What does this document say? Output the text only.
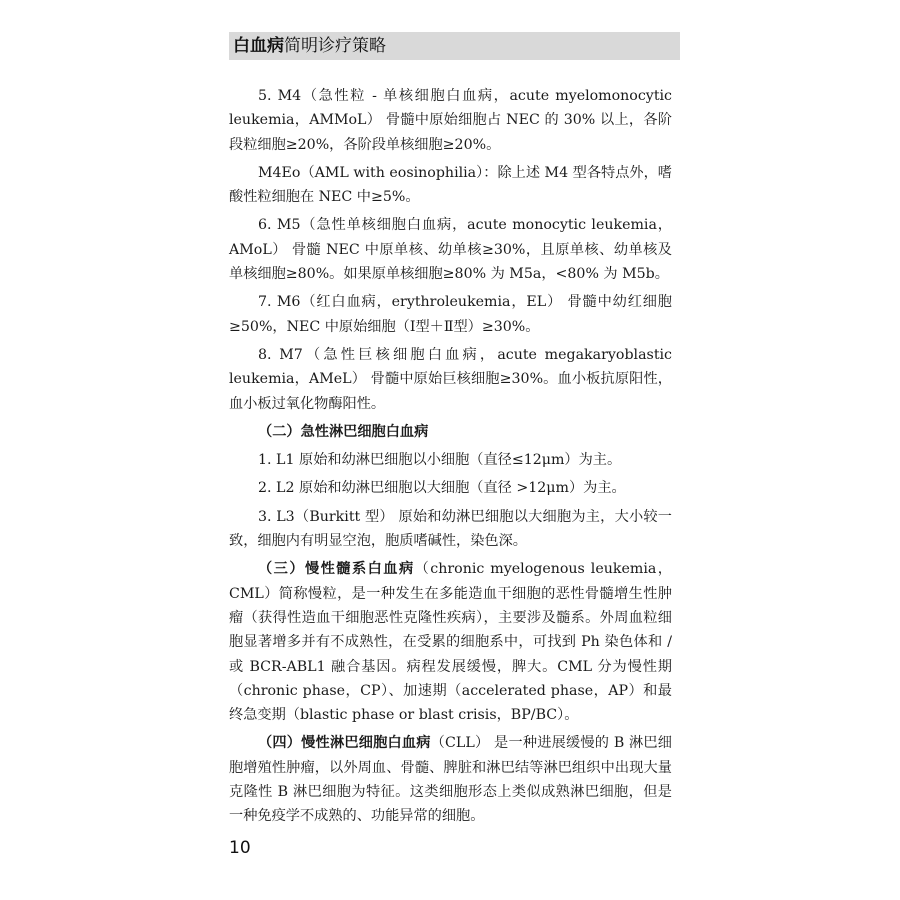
白血病简明诊疗策略

5. M4（急性粒 - 单核细胞白血病，acute myelomonocytic leukemia，AMMoL） 骨髓中原始细胞占 NEC 的 30% 以上，各阶段粒细胞≥20%，各阶段单核细胞≥20%。

M4Eo（AML with eosinophilia）：除上述 M4 型各特点外，嗜酸性粒细胞在 NEC 中≥5%。

6. M5（急性单核细胞白血病，acute monocytic leukemia，AMoL） 骨髓 NEC 中原单核、幼单核≥30%，且原单核、幼单核及单核细胞≥80%。如果原单核细胞≥80% 为 M5a，<80% 为 M5b。

7. M6（红白血病，erythroleukemia，EL） 骨髓中幼红细胞≥50%，NEC 中原始细胞（Ⅰ型＋Ⅱ型）≥30%。

8. M7（急性巨核细胞白血病，acute megakaryoblastic leukemia，AMeL） 骨髓中原始巨核细胞≥30%。血小板抗原阳性，血小板过氧化物酶阳性。

（二）急性淋巴细胞白血病

1. L1 原始和幼淋巴细胞以小细胞（直径≤12μm）为主。

2. L2 原始和幼淋巴细胞以大细胞（直径 >12μm）为主。

3. L3（Burkitt 型） 原始和幼淋巴细胞以大细胞为主，大小较一致，细胞内有明显空泡，胞质嗜碱性，染色深。

（三）慢性髓系白血病（chronic myelogenous leukemia，CML）简称慢粒，是一种发生在多能造血干细胞的恶性骨髓增生性肿瘤（获得性造血干细胞恶性克隆性疾病），主要涉及髓系。外周血粒细胞显著增多并有不成熟性，在受累的细胞系中，可找到 Ph 染色体和 / 或 BCR-ABL1 融合基因。病程发展缓慢，脾大。CML 分为慢性期（chronic phase，CP）、加速期（accelerated phase，AP）和最终急变期（blastic phase or blast crisis，BP/BC）。

（四）慢性淋巴细胞白血病（CLL） 是一种进展缓慢的 B 淋巴细胞增殖性肿瘤，以外周血、骨髓、脾脏和淋巴结等淋巴组织中出现大量克隆性 B 淋巴细胞为特征。这类细胞形态上类似成熟淋巴细胞，但是一种免疫学不成熟的、功能异常的细胞。

10
